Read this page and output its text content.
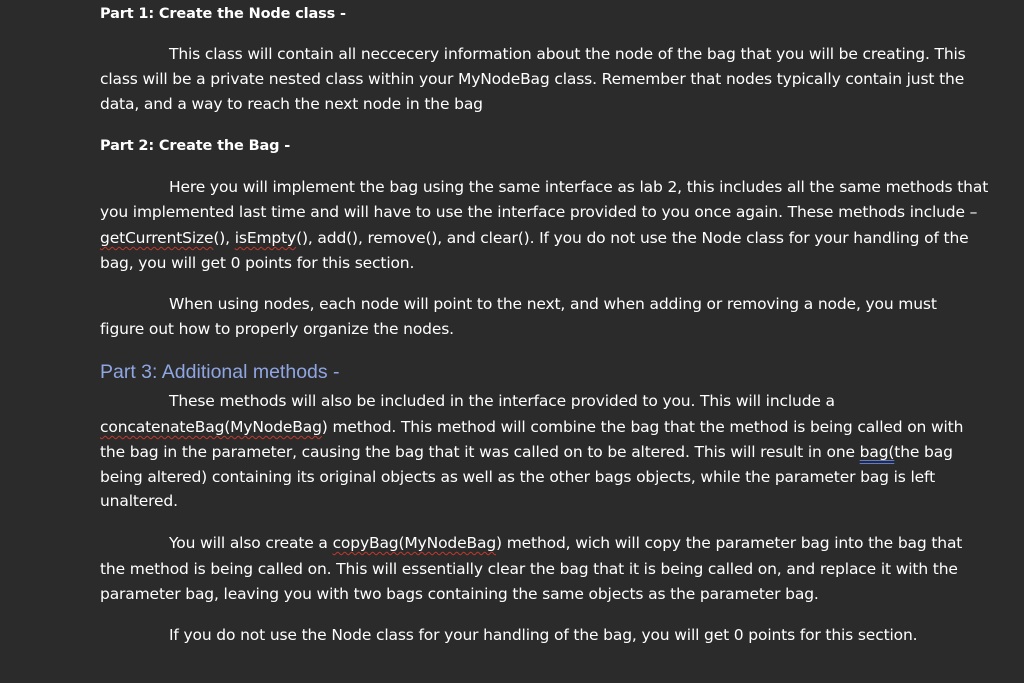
Part 1: Create the Node class -
This class will contain all neccecery information about the node of the bag that you will be creating. This
class will be a private nested class within your MyNodeBag class. Remember that nodes typically contain just the
data, and a way to reach the next node in the bag
Part 2: Create the Bag -
Here you will implement the bag using the same interface as lab 2, this includes all the same methods that
you implemented last time and will have to use the interface provided to you once again. These methods include –
getCurrentSize(), isEmpty(), add(), remove(), and clear(). If you do not use the Node class for your handling of the
bag, you will get 0 points for this section.
When using nodes, each node will point to the next, and when adding or removing a node, you must
figure out how to properly organize the nodes.
Part 3: Additional methods -
These methods will also be included in the interface provided to you. This will include a
concatenateBag(MyNodeBag) method. This method will combine the bag that the method is being called on with
the bag in the parameter, causing the bag that it was called on to be altered. This will result in one bag(the bag
being altered) containing its original objects as well as the other bags objects, while the parameter bag is left
unaltered.
You will also create a copyBag(MyNodeBag) method, wich will copy the parameter bag into the bag that
the method is being called on. This will essentially clear the bag that it is being called on, and replace it with the
parameter bag, leaving you with two bags containing the same objects as the parameter bag.
If you do not use the Node class for your handling of the bag, you will get 0 points for this section.
